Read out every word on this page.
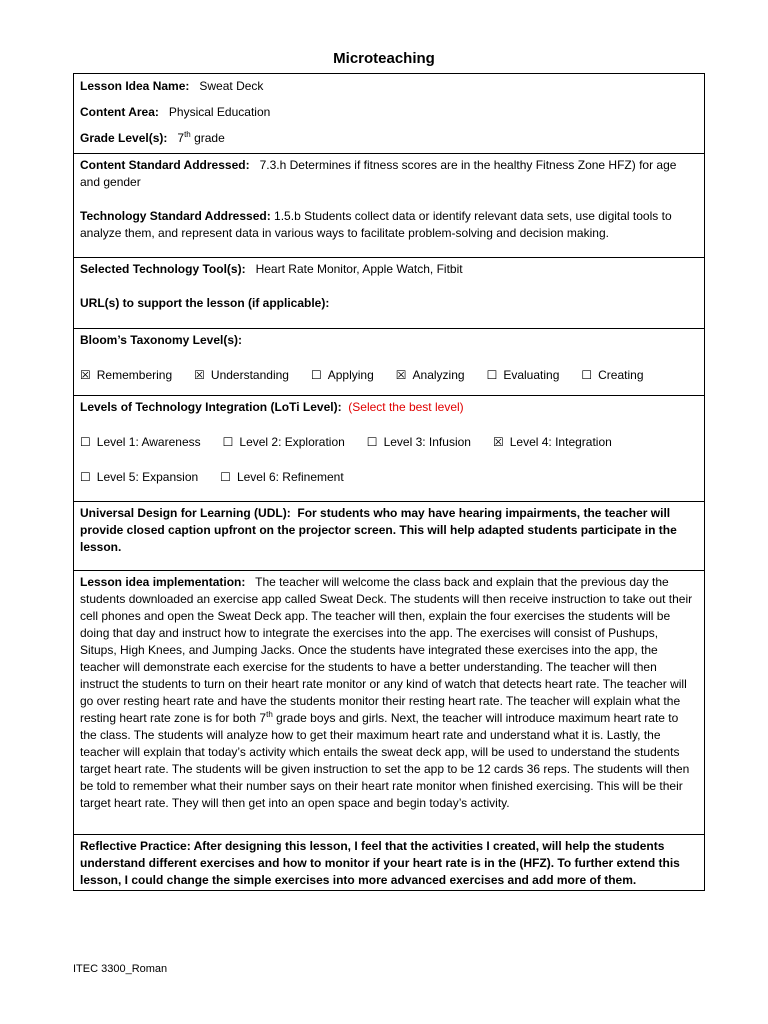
Microteaching
Lesson Idea Name: Sweat Deck
Content Area: Physical Education
Grade Level(s): 7th grade
Content Standard Addressed: 7.3.h Determines if fitness scores are in the healthy Fitness Zone HFZ) for age and gender
Technology Standard Addressed: 1.5.b Students collect data or identify relevant data sets, use digital tools to analyze them, and represent data in various ways to facilitate problem-solving and decision making.
Selected Technology Tool(s): Heart Rate Monitor, Apple Watch, Fitbit
URL(s) to support the lesson (if applicable):
Bloom’s Taxonomy Level(s):
☒ Remembering ☒ Understanding ☐ Applying ☒ Analyzing ☐ Evaluating ☐ Creating
Levels of Technology Integration (LoTi Level): (Select the best level)
☐ Level 1: Awareness ☐ Level 2: Exploration ☐ Level 3: Infusion ☒ Level 4: Integration
☐ Level 5: Expansion ☐ Level 6: Refinement
Universal Design for Learning (UDL): For students who may have hearing impairments, the teacher will provide closed caption upfront on the projector screen. This will help adapted students participate in the lesson.
Lesson idea implementation: The teacher will welcome the class back and explain that the previous day the students downloaded an exercise app called Sweat Deck. The students will then receive instruction to take out their cell phones and open the Sweat Deck app. The teacher will then, explain the four exercises the students will be doing that day and instruct how to integrate the exercises into the app. The exercises will consist of Pushups, Situps, High Knees, and Jumping Jacks. Once the students have integrated these exercises into the app, the teacher will demonstrate each exercise for the students to have a better understanding. The teacher will then instruct the students to turn on their heart rate monitor or any kind of watch that detects heart rate. The teacher will go over resting heart rate and have the students monitor their resting heart rate. The teacher will explain what the resting heart rate zone is for both 7th grade boys and girls. Next, the teacher will introduce maximum heart rate to the class. The students will analyze how to get their maximum heart rate and understand what it is. Lastly, the teacher will explain that today’s activity which entails the sweat deck app, will be used to understand the students target heart rate. The students will be given instruction to set the app to be 12 cards 36 reps. The students will then be told to remember what their number says on their heart rate monitor when finished exercising. This will be their target heart rate. They will then get into an open space and begin today’s activity.
Reflective Practice: After designing this lesson, I feel that the activities I created, will help the students understand different exercises and how to monitor if your heart rate is in the (HFZ). To further extend this lesson, I could change the simple exercises into more advanced exercises and add more of them.
ITEC 3300_Roman
